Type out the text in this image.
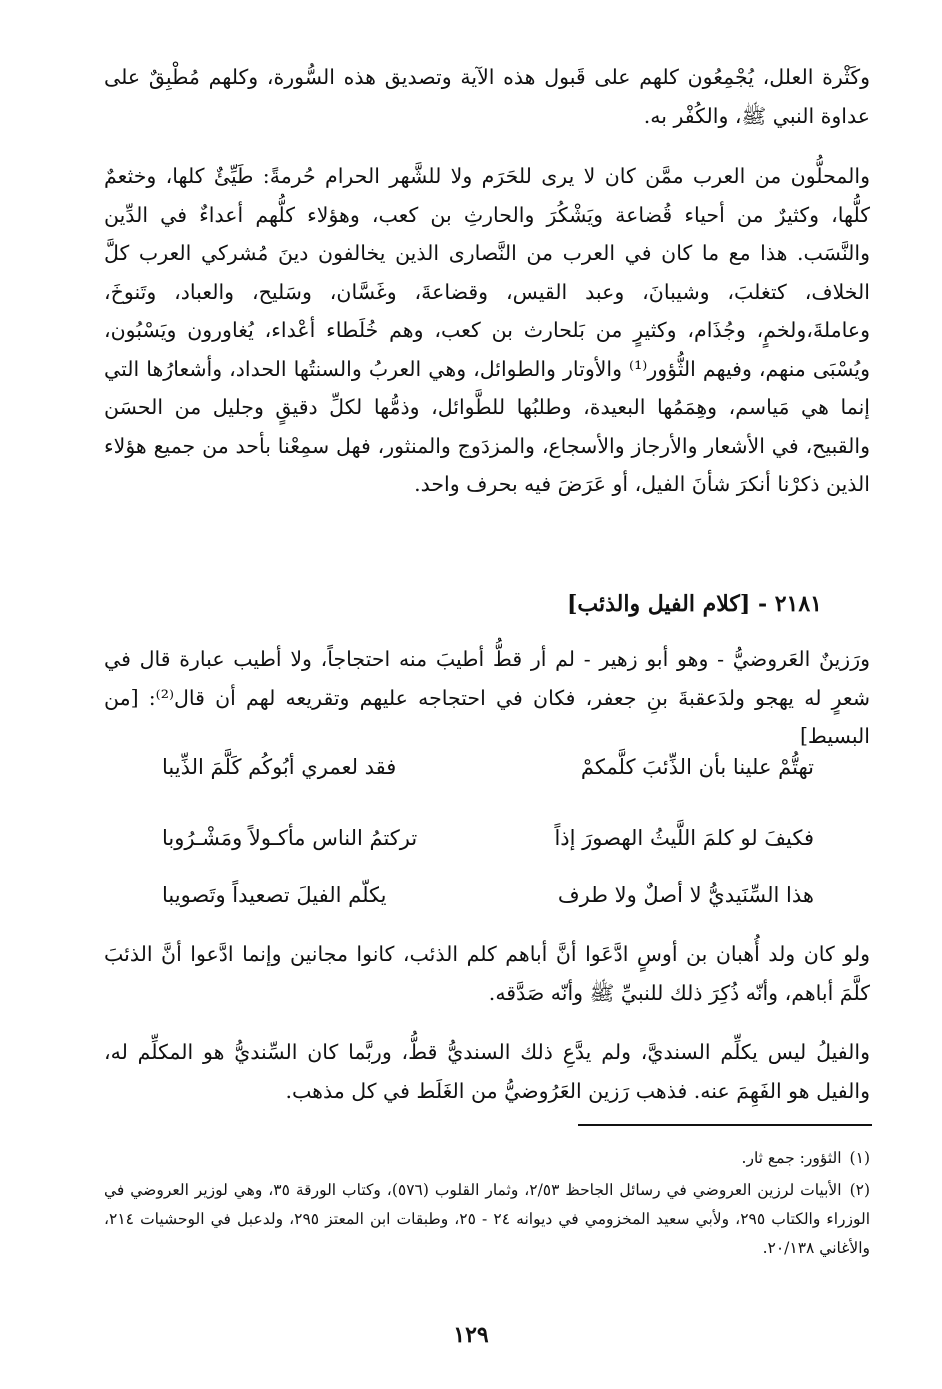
وكَثْرة العلل، يُجْمِعُون كلهم على قَبول هذه الآية وتصديق هذه السُّورة، وكلهم مُطْبِقٌ على عداوة النبي ﷺ، والكُفْر به.

والمحلُّون من العرب ممَّن كان لا يرى للحَرَم ولا للشَّهر الحرام حُرمةً: طَيِّئٌ كلها، وخثعمٌ كلُّها، وكثيرٌ من أحياء قُضاعة ويَشْكُرَ والحارثِ بن كعب، وهؤلاء كلُّهم أعداءٌ في الدِّين والنَّسَب. هذا مع ما كان في العرب من النَّصارى الذين يخالفون دينَ مُشركي العرب كلَّ الخلاف، كتغلبَ، وشيبانَ، وعبد القيس، وقضاعةَ، وغَسَّان، وسَليح، والعباد، وتَنوخَ، وعاملةَ،ولخمٍ، وجُذَام، وكثيرٍ من بَلحارث بن كعب، وهم خُلَطاء أعْداء، يُغاورون ويَسْبُون، ويُسْبَى منهم، وفيهم الثُّؤور⁽¹⁾ والأوتار والطوائل، وهي العربُ والسنتُها الحداد، وأشعارُها التي إنما هي مَياسم، وهِمَمُها البعيدة، وطلبُها للطَّوائل، وذمُّها لكلِّ دقيقٍ وجليل من الحسَن والقبيح، في الأشعار والأرجاز والأسجاع، والمزدَوج والمنثور، فهل سمِعْنا بأحد من جميع هؤلاء الذين ذكرْنا أنكرَ شأنَ الفيل، أو عَرَضَ فيه بحرف واحد.

٢١٨١ - [كلام الفيل والذئب]

ورَزينٌ العَروضيُّ - وهو أبو زهير - لم أر قطُّ أطيبَ منه احتجاجاً، ولا أطيب عبارة قال في شعرٍ له يهجو ولدَعقبةَ بنِ جعفر، فكان في احتجاجه عليهم وتقريعه لهم أن قال⁽²⁾: [من البسيط]

تهتُّمْ علينا بأن الذِّئبَ كلَّمكمْ
فقد لعمري أبُوكُم كَلَّمَ الذِّيبا
فكيفَ لو كلمَ اللَّيثُ الهصورَ إذاً
تركتمُ الناس مأكـولاً ومَشْـرُوبا
هذا السِّنَيديُّ لا أصلٌ ولا طرف
يكلّم الفيلَ تصعيداً وتَصويبا

ولو كان ولد أُهبان بن أوسٍ ادَّعَوا أنَّ أباهم كلم الذئب، كانوا مجانين وإنما ادَّعوا أنَّ الذئبَ كلَّمَ أباهم، وأنّه ذُكِرَ ذلك للنبيِّ ﷺ وأنّه صَدَّقه.

والفيلُ ليس يكلِّم السنديَّ، ولم يدَّعِ ذلك السنديُّ قطُّ، وربَّما كان السِّنديُّ هو المكلِّم له، والفيل هو الفَهِمَ عنه. فذهب رَزين العَرُوضيُّ من الغَلَط في كل مذهب.

(١)الثؤور: جمع ثار.

(٢)الأبيات لرزين العروضي في رسائل الجاحظ ٢/٥٣، وثمار القلوب (٥٧٦)، وكتاب الورقة ٣٥، وهي لوزير العروضي في الوزراء والكتاب ٢٩٥، ولأبي سعيد المخزومي في ديوانه ٢٤ - ٢٥، وطبقات ابن المعتز ٢٩٥، ولدعبل في الوحشيات ٢١٤، والأغاني ٢٠/١٣٨.

١٢٩
